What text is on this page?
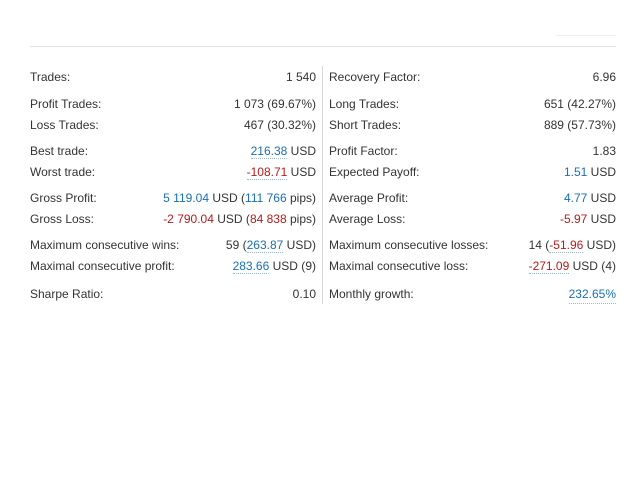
Trades:	1 540
Profit Trades:	1 073 (69.67%)
Loss Trades:	467 (30.32%)
Best trade:	216.38 USD
Worst trade:	-108.71 USD
Gross Profit:	5 119.04 USD (111 766 pips)
Gross Loss:	-2 790.04 USD (84 838 pips)
Maximum consecutive wins:	59 (263.87 USD)
Maximal consecutive profit:	283.66 USD (9)
Sharpe Ratio:	0.10
Recovery Factor:	6.96
Long Trades:	651 (42.27%)
Short Trades:	889 (57.73%)
Profit Factor:	1.83
Expected Payoff:	1.51 USD
Average Profit:	4.77 USD
Average Loss:	-5.97 USD
Maximum consecutive losses:	14 (-51.96 USD)
Maximal consecutive loss:	-271.09 USD (4)
Monthly growth:	232.65%
